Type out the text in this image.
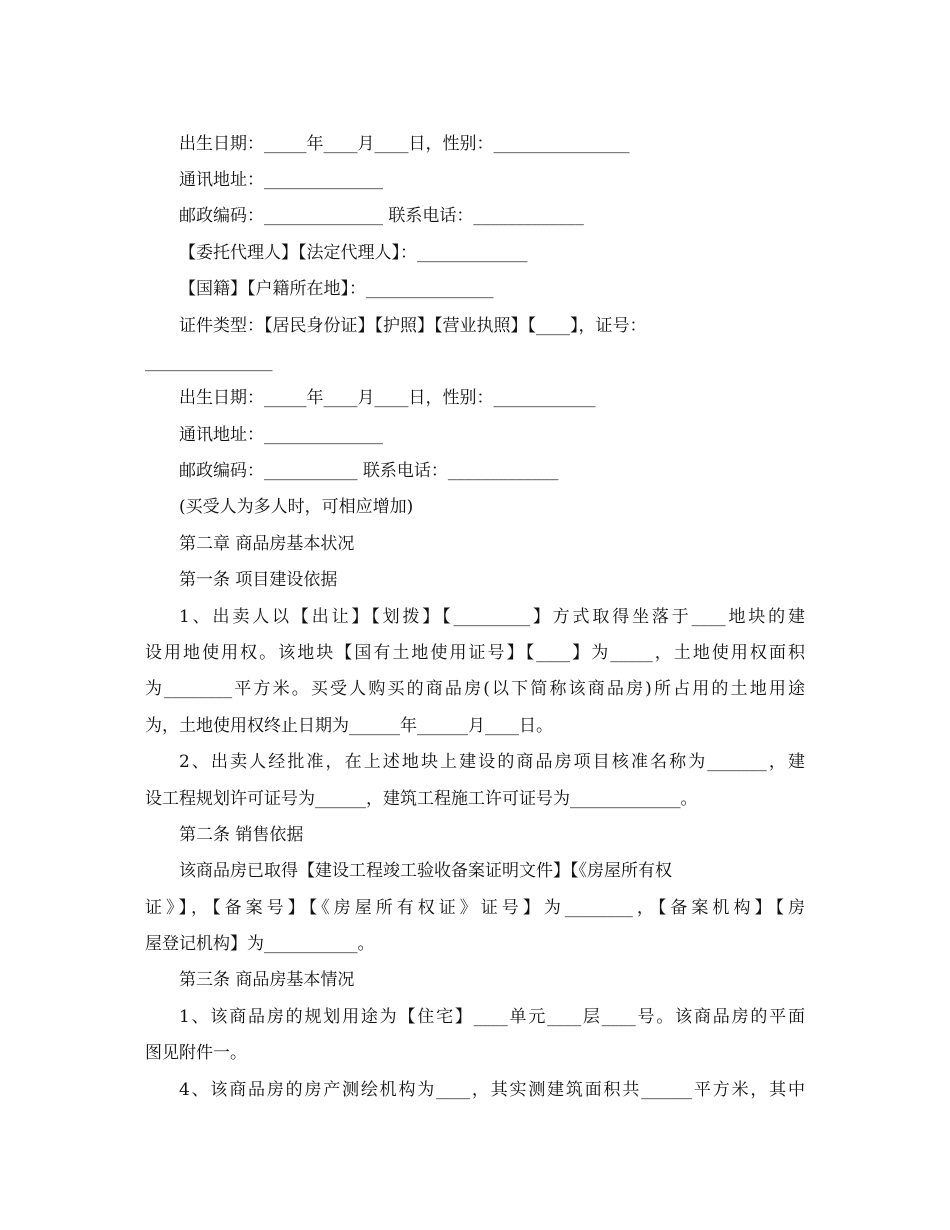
出生日期：_____年____月____日，性别：________________

通讯地址：______________

邮政编码：______________ 联系电话：_____________

【委托代理人】【法定代理人】：_____________

【国籍】【户籍所在地】：_______________

证件类型：【居民身份证】【护照】【营业执照】【____】，证号：

_______________

出生日期：_____年____月____日，性别：____________

通讯地址：______________

邮政编码：___________ 联系电话：_____________

(买受人为多人时，可相应增加)

第二章 商品房基本状况

第一条 项目建设依据

1、出卖人以【出让】【划拨】【_________】方式取得坐落于____地块的建

设用地使用权。该地块【国有土地使用证号】【____】为_____，土地使用权面积

为________平方米。买受人购买的商品房(以下简称该商品房)所占用的土地用途

为，土地使用权终止日期为______年______月____日。

2、出卖人经批准，在上述地块上建设的商品房项目核准名称为_______，建

设工程规划许可证号为______，建筑工程施工许可证号为_____________。

第二条 销售依据

该商品房已取得【建设工程竣工验收备案证明文件】【《房屋所有权

证》】，【备案号】【《房屋所有权证》证号】为________，【备案机构】【房

屋登记机构】为___________。

第三条 商品房基本情况

1、该商品房的规划用途为【住宅】____单元____层____号。该商品房的平面

图见附件一。

4、该商品房的房产测绘机构为____，其实测建筑面积共______平方米，其中
